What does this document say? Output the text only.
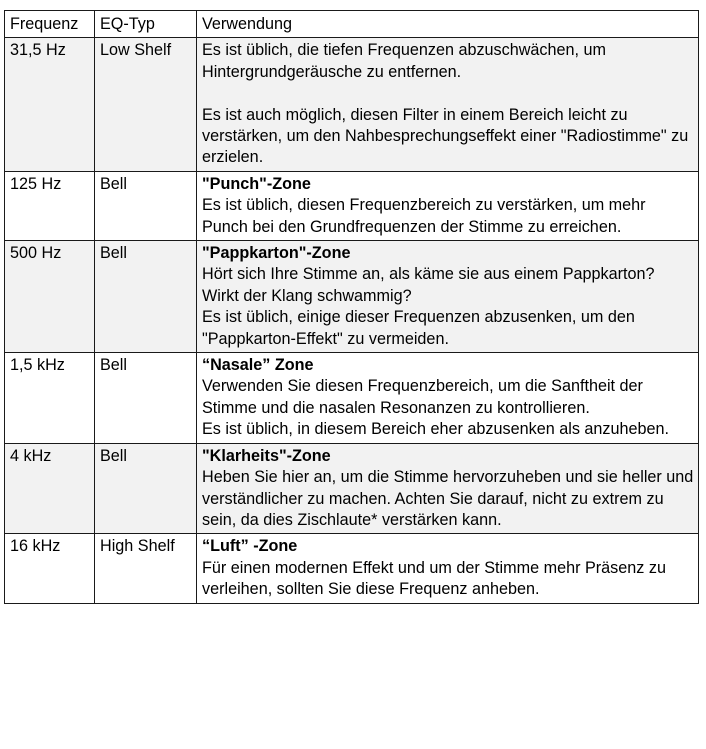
Frequenz	EQ-Typ	Verwendung
31,5 Hz	Low Shelf	Es ist üblich, die tiefen Frequenzen abzuschwächen, um Hintergrundgeräusche zu entfernen.
Es ist auch möglich, diesen Filter in einem Bereich leicht zu verstärken, um den Nahbesprechungseffekt einer "Radiostimme" zu erzielen.

125 Hz	Bell	"Punch"-Zone
Es ist üblich, diesen Frequenzbereich zu verstärken, um mehr Punch bei den Grundfrequenzen der Stimme zu erreichen.

500 Hz	Bell	"Pappkarton"-Zone
Hört sich Ihre Stimme an, als käme sie aus einem Pappkarton?
Wirkt der Klang schwammig?
Es ist üblich, einige dieser Frequenzen abzusenken, um den "Pappkarton-Effekt" zu vermeiden.

1,5 kHz	Bell	“Nasale” Zone
Verwenden Sie diesen Frequenzbereich, um die Sanftheit der Stimme und die nasalen Resonanzen zu kontrollieren.
Es ist üblich, in diesem Bereich eher abzusenken als anzuheben.

4 kHz	Bell	"Klarheits"-Zone
Heben Sie hier an, um die Stimme hervorzuheben und sie heller und verständlicher zu machen. Achten Sie darauf, nicht zu extrem zu sein, da dies Zischlaute* verstärken kann.

16 kHz	High Shelf	“Luft” -Zone
Für einen modernen Effekt und um der Stimme mehr Präsenz zu verleihen, sollten Sie diese Frequenz anheben.
